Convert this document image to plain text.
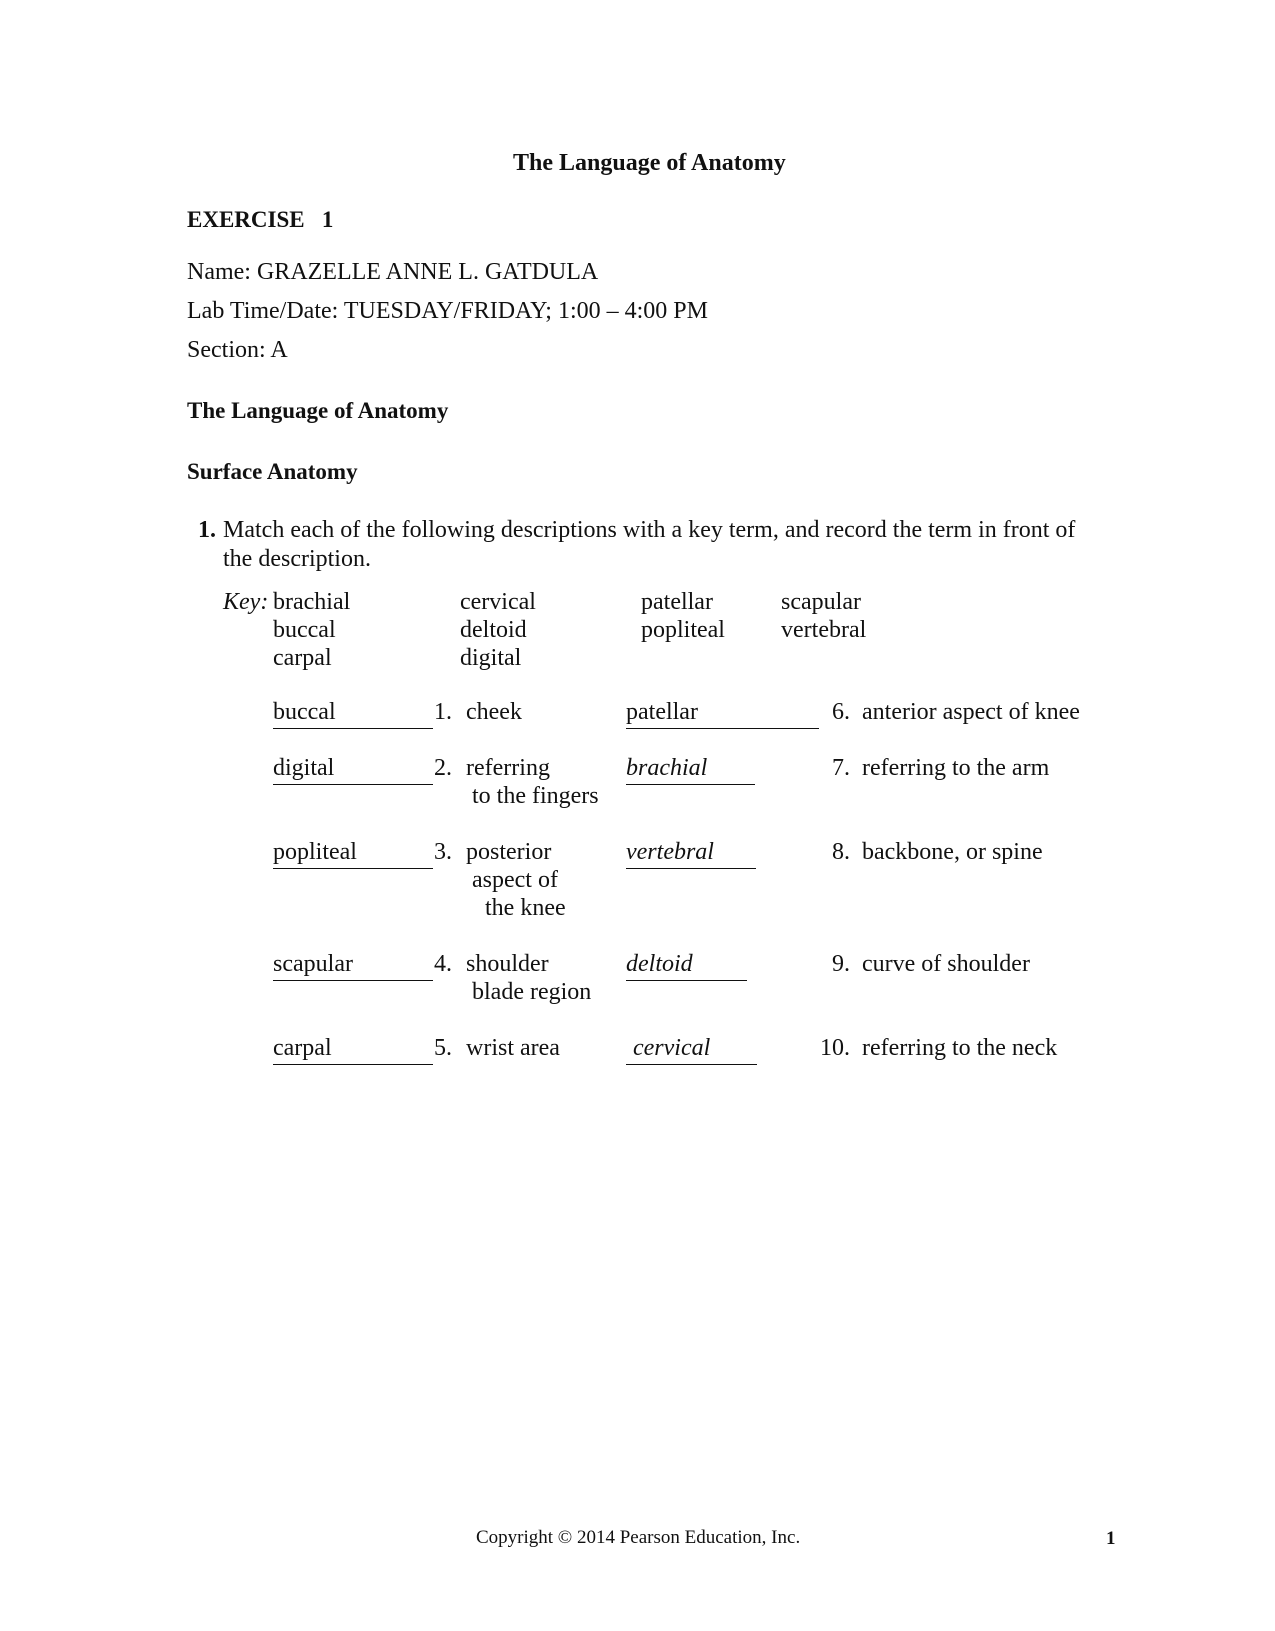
The Language of Anatomy
EXERCISE 1
Name: GRAZELLE ANNE L. GATDULA
Lab Time/Date: TUESDAY/FRIDAY; 1:00 – 4:00 PM
Section: A
The Language of Anatomy
Surface Anatomy
1. Match each of the following descriptions with a key term, and record the term in front of
the description.
Key: brachial
buccal
carpal
cervical
deltoid
digital
patellar
popliteal
scapular
vertebral
buccal	1. cheek
digital	2. referring
to the fingers
popliteal	3. posterior
aspect of
the knee
scapular	4. shoulder
blade region
carpal	5. wrist area
patellar	6. anterior aspect of knee
brachial	7. referring to the arm
vertebral	8. backbone, or spine
deltoid	9. curve of shoulder
cervical	10. referring to the neck
Copyright © 2014 Pearson Education, Inc.	1
